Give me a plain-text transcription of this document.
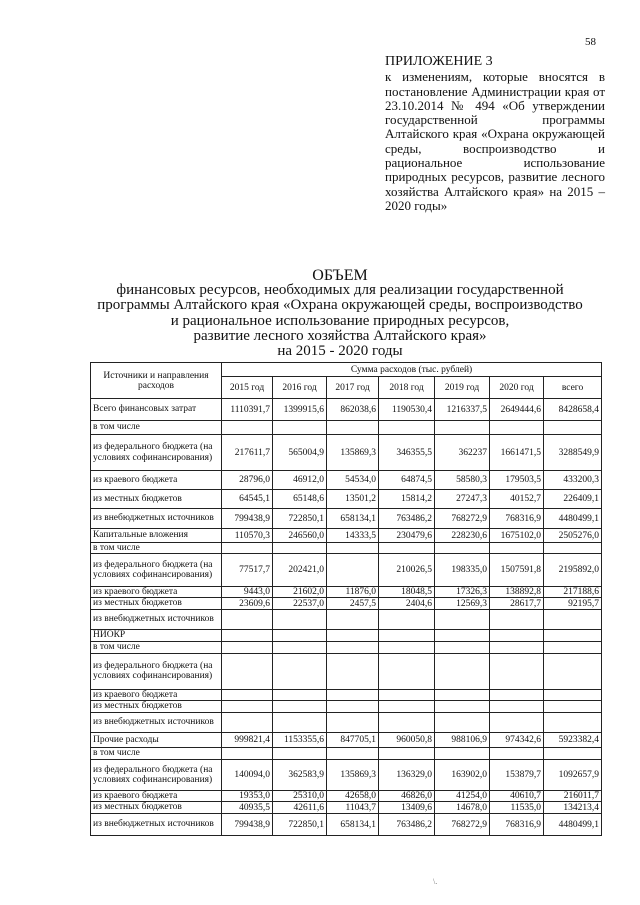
58
ПРИЛОЖЕНИЕ 3
к изменениям, которые вносятся в постановление Администрации края от 23.10.2014 № 494 «Об утверждении государственной программы Алтайского края «Охрана окружающей среды, воспроизводство и рациональное использование природных ресурсов, развитие лесного хозяйства Алтайского края» на 2015 – 2020 годы»
ОБЪЕМ
финансовых ресурсов, необходимых для реализации государственной
программы Алтайского края «Охрана окружающей среды, воспроизводство
и рациональное использование природных ресурсов,
развитие лесного хозяйства Алтайского края»
на 2015 - 2020 годы
Источники и направления расходов	Сумма расходов (тыс. рублей)						
	2015 год	2016 год	2017 год	2018 год	2019 год	2020 год	всего
Всего финансовых затрат	1110391,7	1399915,6	862038,6	1190530,4	1216337,5	2649444,6	8428658,4
в том числе							
из федерального бюджета (на условиях софинансирования)	217611,7	565004,9	135869,3	346355,5	362237	1661471,5	3288549,9
из краевого бюджета	28796,0	46912,0	54534,0	64874,5	58580,3	179503,5	433200,3
из местных бюджетов	64545,1	65148,6	13501,2	15814,2	27247,3	40152,7	226409,1
из внебюджетных источников	799438,9	722850,1	658134,1	763486,2	768272,9	768316,9	4480499,1
Капитальные вложения	110570,3	246560,0	14333,5	230479,6	228230,6	1675102,0	2505276,0
в том числе							
из федерального бюджета (на условиях софинансирования)	77517,7	202421,0		210026,5	198335,0	1507591,8	2195892,0
из краевого бюджета	9443,0	21602,0	11876,0	18048,5	17326,3	138892,8	217188,6
из местных бюджетов	23609,6	22537,0	2457,5	2404,6	12569,3	28617,7	92195,7
из внебюджетных источников							
НИОКР							
в том числе							
из федерального бюджета (на условиях софинансирования)							
из краевого бюджета							
из местных бюджетов							
из внебюджетных источников							
Прочие расходы	999821,4	1153355,6	847705,1	960050,8	988106,9	974342,6	5923382,4
в том числе							
из федерального бюджета (на условиях софинансирования)	140094,0	362583,9	135869,3	136329,0	163902,0	153879,7	1092657,9
из краевого бюджета	19353,0	25310,0	42658,0	46826,0	41254,0	40610,7	216011,7
из местных бюджетов	40935,5	42611,6	11043,7	13409,6	14678,0	11535,0	134213,4
из внебюджетных источников	799438,9	722850,1	658134,1	763486,2	768272,9	768316,9	4480499,1
\.
